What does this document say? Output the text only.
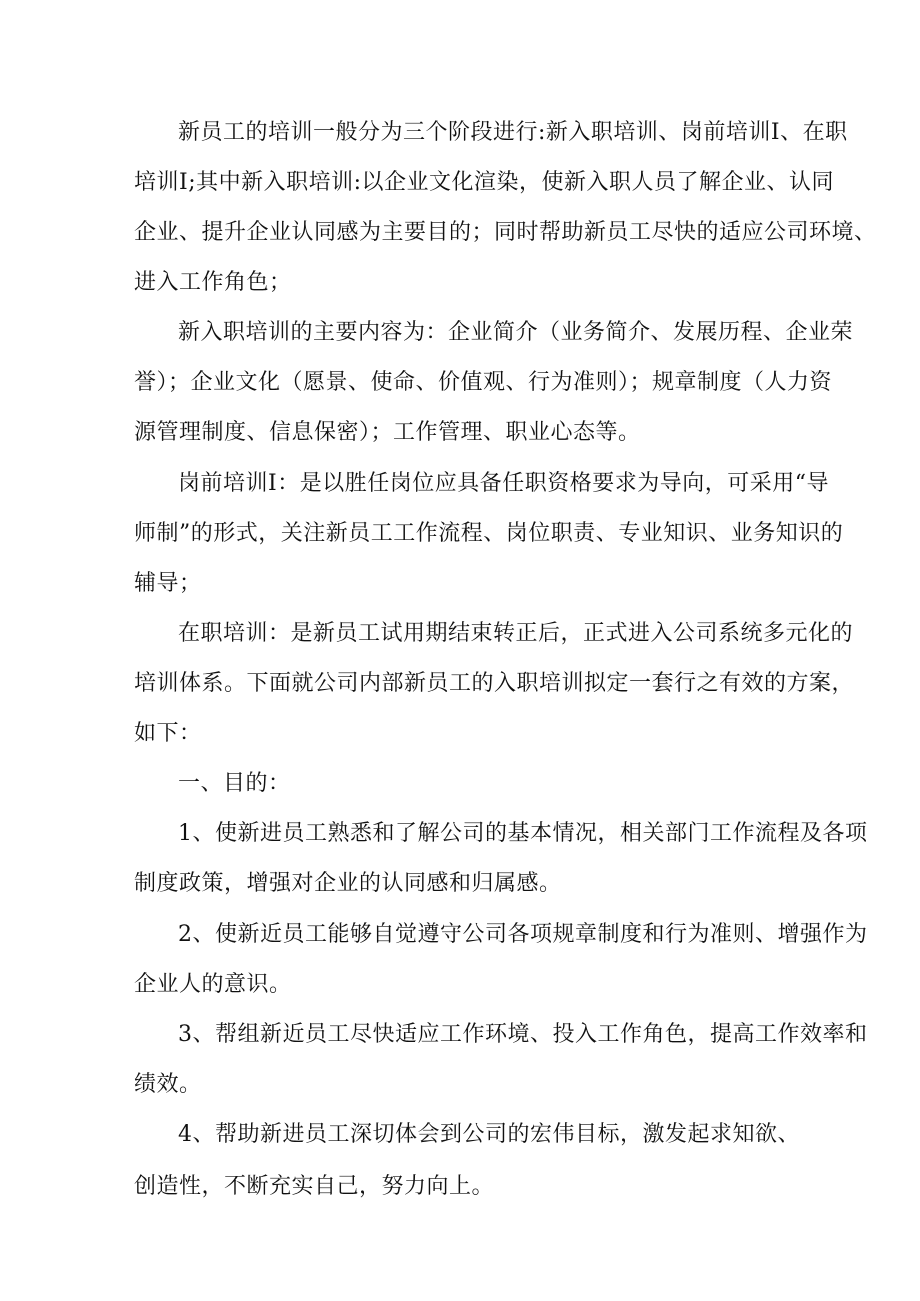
新员工的培训一般分为三个阶段进行:新入职培训、岗前培训Ⅰ、在职
培训Ⅰ;其中新入职培训:以企业文化渲染，使新入职人员了解企业、认同
企业、提升企业认同感为主要目的；同时帮助新员工尽快的适应公司环境、
进入工作角色；
新入职培训的主要内容为：企业简介（业务简介、发展历程、企业荣
誉）；企业文化（愿景、使命、价值观、行为准则）；规章制度（人力资
源管理制度、信息保密）；工作管理、职业心态等。
岗前培训Ⅰ：是以胜任岗位应具备任职资格要求为导向，可采用“导
师制”的形式，关注新员工工作流程、岗位职责、专业知识、业务知识的
辅导；
在职培训：是新员工试用期结束转正后，正式进入公司系统多元化的
培训体系。下面就公司内部新员工的入职培训拟定一套行之有效的方案，
如下：
一、目的：
1、使新进员工熟悉和了解公司的基本情况，相关部门工作流程及各项
制度政策，增强对企业的认同感和归属感。
2、使新近员工能够自觉遵守公司各项规章制度和行为准则、增强作为
企业人的意识。
3、帮组新近员工尽快适应工作环境、投入工作角色，提高工作效率和
绩效。
4、帮助新进员工深切体会到公司的宏伟目标，激发起求知欲、
创造性，不断充实自己，努力向上。
